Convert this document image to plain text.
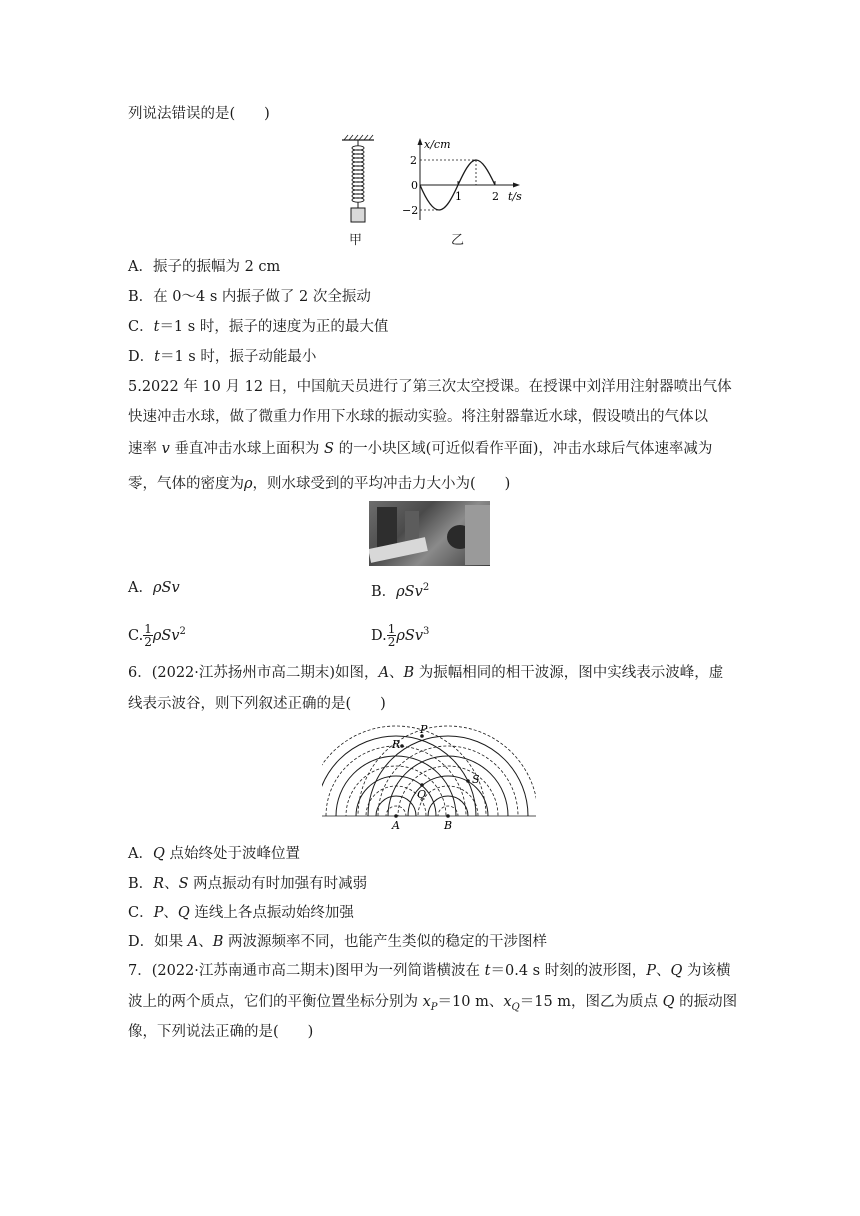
列说法错误的是(　　)
甲
x/cm
t/s
2
0
−2
1	2
乙
A．振子的振幅为 2 cm
B．在 0～4 s 内振子做了 2 次全振动
C．t＝1 s 时，振子的速度为正的最大值
D．t＝1 s 时，振子动能最小
5.2022 年 10 月 12 日，中国航天员进行了第三次太空授课。在授课中刘洋用注射器喷出气体
快速冲击水球，做了微重力作用下水球的振动实验。将注射器靠近水球，假设喷出的气体以
速率 v 垂直冲击水球上面积为 S 的一小块区域(可近似看作平面)，冲击水球后气体速率减为
零，气体的密度为ρ，则水球受到的平均冲击力大小为(　　)
A．ρSv	B．ρSv$^2$
C. $\frac{1}{2} \rho Sv^2$	D. $\frac{1}{2} \rho Sv^3$
6．(2022·江苏扬州市高二期末)如图，A、B 为振幅相同的相干波源，图中实线表示波峰，虚
线表示波谷，则下列叙述正确的是(　　)
P
R
S
Q
A	B
A．Q 点始终处于波峰位置
B．R、S 两点振动有时加强有时减弱
C．P、Q 连线上各点振动始终加强
D．如果 A、B 两波源频率不同，也能产生类似的稳定的干涉图样
7．(2022·江苏南通市高二期末)图甲为一列简谐横波在 t＝0.4 s 时刻的波形图，P、Q 为该横
波上的两个质点，它们的平衡位置坐标分别为 $x_P=10$ m、$x_Q=15$ m，图乙为质点 Q 的振动图
像，下列说法正确的是(　　)
